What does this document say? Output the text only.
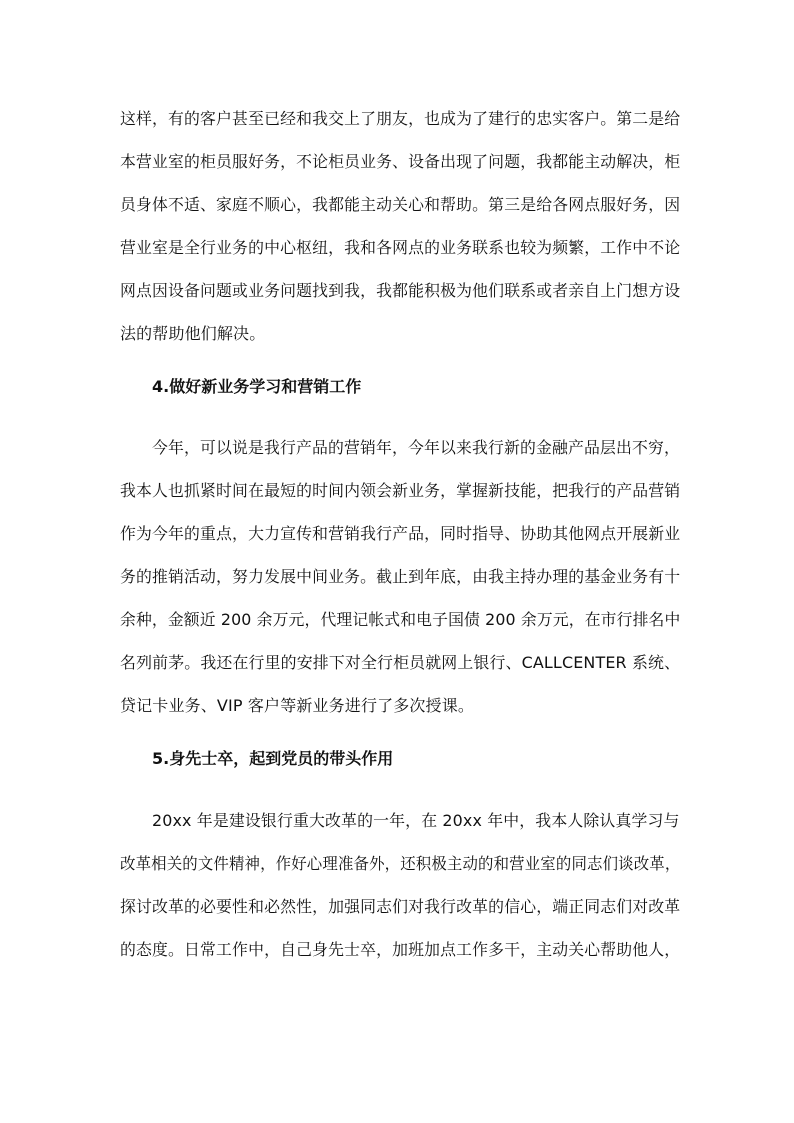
这样，有的客户甚至已经和我交上了朋友，也成为了建行的忠实客户。第二是给
本营业室的柜员服好务，不论柜员业务、设备出现了问题，我都能主动解决，柜
员身体不适、家庭不顺心，我都能主动关心和帮助。第三是给各网点服好务，因
营业室是全行业务的中心枢纽，我和各网点的业务联系也较为频繁，工作中不论
网点因设备问题或业务问题找到我，我都能积极为他们联系或者亲自上门想方设
法的帮助他们解决。
4.做好新业务学习和营销工作
今年，可以说是我行产品的营销年，今年以来我行新的金融产品层出不穷，
我本人也抓紧时间在最短的时间内领会新业务，掌握新技能，把我行的产品营销
作为今年的重点，大力宣传和营销我行产品，同时指导、协助其他网点开展新业
务的推销活动，努力发展中间业务。截止到年底，由我主持办理的基金业务有十
余种，金额近 200 余万元，代理记帐式和电子国债 200 余万元，在市行排名中
名列前茅。我还在行里的安排下对全行柜员就网上银行、CALLCENTER 系统、
贷记卡业务、VIP 客户等新业务进行了多次授课。
5.身先士卒，起到党员的带头作用
20xx 年是建设银行重大改革的一年，在 20xx 年中，我本人除认真学习与
改革相关的文件精神，作好心理准备外，还积极主动的和营业室的同志们谈改革，
探讨改革的必要性和必然性，加强同志们对我行改革的信心，端正同志们对改革
的态度。日常工作中，自己身先士卒，加班加点工作多干，主动关心帮助他人，
